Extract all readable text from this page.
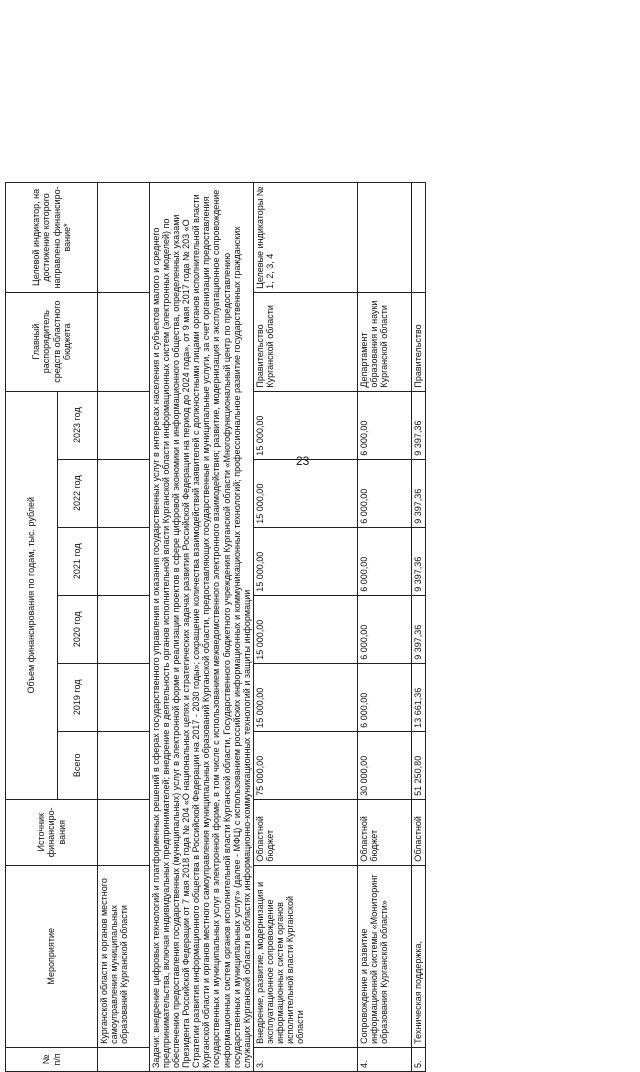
23
№ п/п	Мероприятие	Источник финансиро-вания	Объем финансирования по годам, тыс. рублей						Главный распорядитель средств областного бюджета	Целевой индикатор, на достижение которого направлено финансиро-вание*
			Всего	2019 год	2020 год	2021 год	2022 год	2023 год		
	Курганской области и органов местного самоуправления муниципальных образований Курганской области									
Задачи: внедрение цифровых технологий и платформенных решений в сферах государственного управления и оказания государственных услуг в интересах населения и субъектов малого и среднего предпринимательства, включая индивидуальных предпринимателей; внедрение в деятельность органов исполнительной власти Курганской области информационных систем (электронных моделей) по обеспечению предоставления государственных (муниципальных) услуг в электронной форме и реализации проектов в сфере цифровой экономики и информационного общества, определенных указами Президента Российской Федерации от 7 мая 2018 года № 204 «О национальных целях и стратегических задачах развития Российской Федерации на период до 2024 года», от 9 мая 2017 года № 203 «О Стратегии развития информационного общества в Российской Федерации на 2017 - 2030 годы»; сокращение количества взаимодействий заявителей с должностными лицами органов исполнительной власти Курганской области и органов местного самоуправления муниципальных образований Курганской области, предоставляющих государственные и муниципальные услуги, за счет организации предоставления государственных и муниципальных услуг в электронной форме, в том числе с использованием межведомственного электронного взаимодействия; развитие, модернизация и эксплуатационное сопровождение информационных систем органов исполнительной власти Курганской области, Государственного бюджетного учреждения Курганской области «Многофункциональный центр по предоставлению государственных и муниципальных услуг» (далее - МФЦ) с использованием российских информационных и коммуникационных технологий; профессиональное развитие государственных гражданских служащих Курганской области в областях информационно-коммуникационных технологий и защиты информации										
3.	Внедрение, развитие, модернизация и эксплуатационное сопровождение информационных систем органов исполнительной власти Курганской области	Областной бюджет	75 000,00	15 000,00	15 000,00	15 000,00	15 000,00	15 000,00	Правительство Курганской области	Целевые индикаторы № 1, 2, 3, 4
4.	Сопровождение и развитие информационной системы «Мониторинг образования Курганской области»	Областной бюджет	30 000,00	6 000,00	6 000,00	6 000,00	6 000,00	6 000,00	Департамент образования и науки Курганской области	
5.	Техническая поддержка,	Областной	51 250,80	13 661,36	9 397,36	9 397,36	9 397,36	9 397,36	Правительство	
